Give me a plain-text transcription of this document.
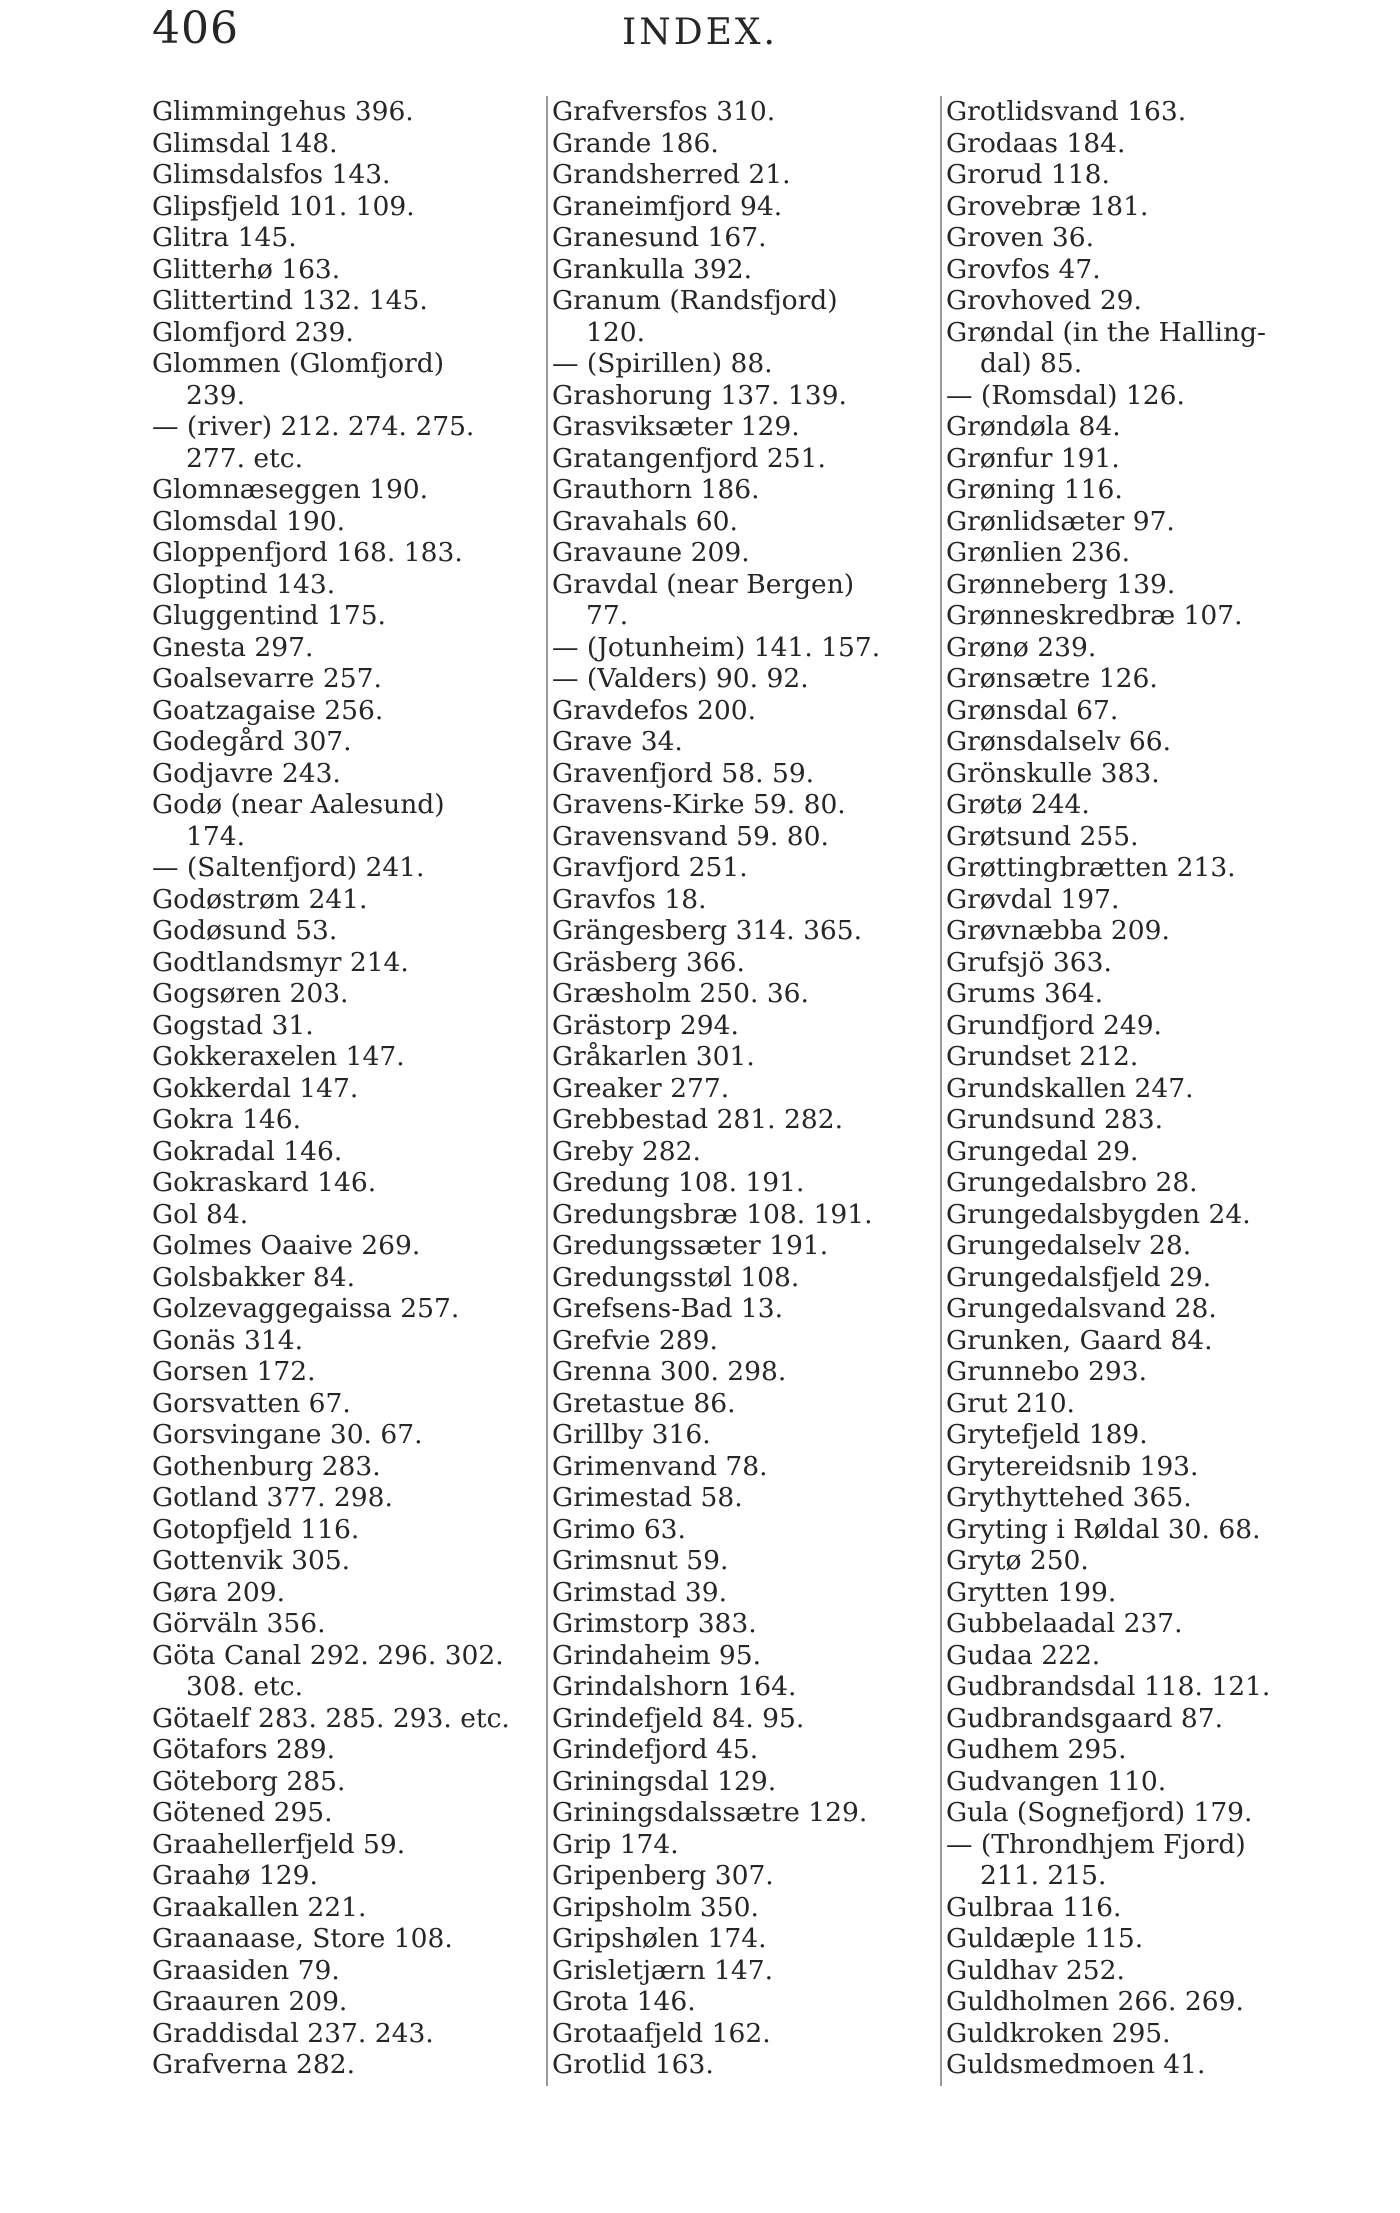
406	INDEX.
Glimmingehus 396.
Glimsdal 148.
Glimsdalsfos 143.
Glipsfjeld 101. 109.
Glitra 145.
Glitterhø 163.
Glittertind 132. 145.
Glomfjord 239.
Glommen (Glomfjord)
239.
— (river) 212. 274. 275.
277. etc.
Glomnæseggen 190.
Glomsdal 190.
Gloppenfjord 168. 183.
Gloptind 143.
Gluggentind 175.
Gnesta 297.
Goalsevarre 257.
Goatzagaise 256.
Godegård 307.
Godjavre 243.
Godø (near Aalesund)
174.
— (Saltenfjord) 241.
Godøstrøm 241.
Godøsund 53.
Godtlandsmyr 214.
Gogsøren 203.
Gogstad 31.
Gokkeraxelen 147.
Gokkerdal 147.
Gokra 146.
Gokradal 146.
Gokraskard 146.
Gol 84.
Golmes Oaaive 269.
Golsbakker 84.
Golzevaggegaissa 257.
Gonäs 314.
Gorsen 172.
Gorsvatten 67.
Gorsvingane 30. 67.
Gothenburg 283.
Gotland 377. 298.
Gotopfjeld 116.
Gottenvik 305.
Gøra 209.
Görväln 356.
Göta Canal 292. 296. 302.
308. etc.
Götaelf 283. 285. 293. etc.
Götafors 289.
Göteborg 285.
Götened 295.
Graahellerfjeld 59.
Graahø 129.
Graakallen 221.
Graanaase, Store 108.
Graasiden 79.
Graauren 209.
Graddisdal 237. 243.
Grafverna 282.
Grafversfos 310.
Grande 186.
Grandsherred 21.
Graneimfjord 94.
Granesund 167.
Grankulla 392.
Granum (Randsfjord)
120.
— (Spirillen) 88.
Grashorung 137. 139.
Grasviksæter 129.
Gratangenfjord 251.
Grauthorn 186.
Gravahals 60.
Gravaune 209.
Gravdal (near Bergen)
77.
— (Jotunheim) 141. 157.
— (Valders) 90. 92.
Gravdefos 200.
Grave 34.
Gravenfjord 58. 59.
Gravens-Kirke 59. 80.
Gravensvand 59. 80.
Gravfjord 251.
Gravfos 18.
Grängesberg 314. 365.
Gräsberg 366.
Græsholm 250. 36.
Grästorp 294.
Gråkarlen 301.
Greaker 277.
Grebbestad 281. 282.
Greby 282.
Gredung 108. 191.
Gredungsbræ 108. 191.
Gredungssæter 191.
Gredungsstøl 108.
Grefsens-Bad 13.
Grefvie 289.
Grenna 300. 298.
Gretastue 86.
Grillby 316.
Grimenvand 78.
Grimestad 58.
Grimo 63.
Grimsnut 59.
Grimstad 39.
Grimstorp 383.
Grindaheim 95.
Grindalshorn 164.
Grindefjeld 84. 95.
Grindefjord 45.
Griningsdal 129.
Griningsdalssætre 129.
Grip 174.
Gripenberg 307.
Gripsholm 350.
Gripshølen 174.
Grisletjærn 147.
Grota 146.
Grotaafjeld 162.
Grotlid 163.
Grotlidsvand 163.
Grodaas 184.
Grorud 118.
Grovebræ 181.
Groven 36.
Grovfos 47.
Grovhoved 29.
Grøndal (in the Halling-
dal) 85.
— (Romsdal) 126.
Grøndøla 84.
Grønfur 191.
Grøning 116.
Grønlidsæter 97.
Grønlien 236.
Grønneberg 139.
Grønneskredbræ 107.
Grønø 239.
Grønsætre 126.
Grønsdal 67.
Grønsdalselv 66.
Grönskulle 383.
Grøtø 244.
Grøtsund 255.
Grøttingbrætten 213.
Grøvdal 197.
Grøvnæbba 209.
Grufsjö 363.
Grums 364.
Grundfjord 249.
Grundset 212.
Grundskallen 247.
Grundsund 283.
Grungedal 29.
Grungedalsbro 28.
Grungedalsbygden 24.
Grungedalselv 28.
Grungedalsfjeld 29.
Grungedalsvand 28.
Grunken, Gaard 84.
Grunnebo 293.
Grut 210.
Grytefjeld 189.
Grytereidsnib 193.
Grythyttehed 365.
Gryting i Røldal 30. 68.
Grytø 250.
Grytten 199.
Gubbelaadal 237.
Gudaa 222.
Gudbrandsdal 118. 121.
Gudbrandsgaard 87.
Gudhem 295.
Gudvangen 110.
Gula (Sognefjord) 179.
— (Throndhjem Fjord)
211. 215.
Gulbraa 116.
Guldæple 115.
Guldhav 252.
Guldholmen 266. 269.
Guldkroken 295.
Guldsmedmoen 41.
